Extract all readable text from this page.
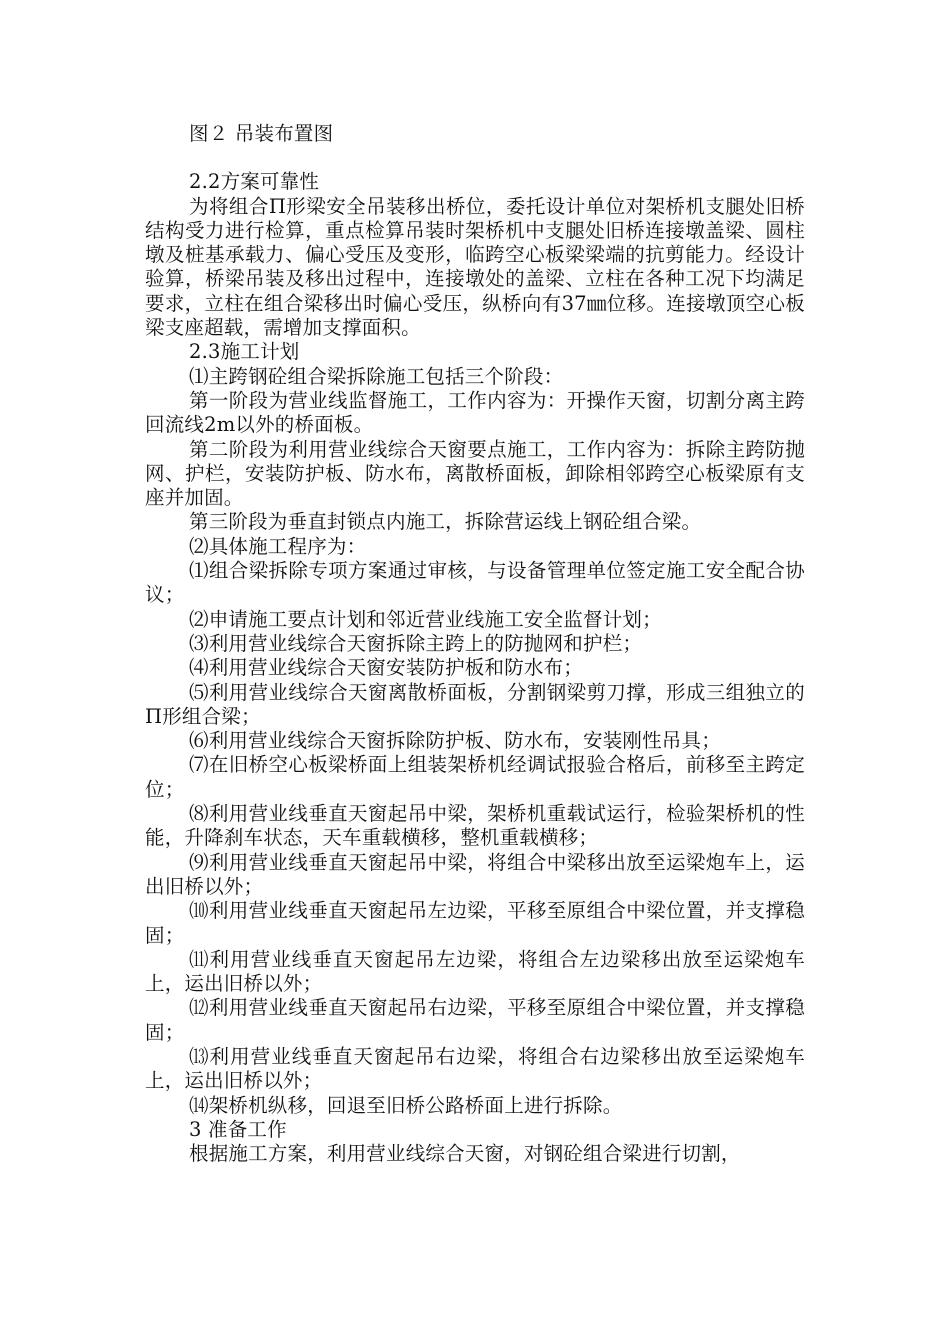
图２ 吊装布置图

2.2方案可靠性

为将组合Π形梁安全吊装移出桥位，委托设计单位对架桥机支腿处旧桥结构受力进行检算，重点检算吊装时架桥机中支腿处旧桥连接墩盖梁、圆柱墩及桩基承载力、偏心受压及变形，临跨空心板梁梁端的抗剪能力。经设计验算，桥梁吊装及移出过程中，连接墩处的盖梁、立柱在各种工况下均满足要求，立柱在组合梁移出时偏心受压，纵桥向有37㎜位移。连接墩顶空心板梁支座超载，需增加支撑面积。

2.3施工计划

⑴主跨钢砼组合梁拆除施工包括三个阶段：

第一阶段为营业线监督施工，工作内容为：开操作天窗，切割分离主跨回流线2m以外的桥面板。

第二阶段为利用营业线综合天窗要点施工，工作内容为：拆除主跨防抛网、护栏，安装防护板、防水布，离散桥面板，卸除相邻跨空心板梁原有支座并加固。

第三阶段为垂直封锁点内施工，拆除营运线上钢砼组合梁。

⑵具体施工程序为：

⑴组合梁拆除专项方案通过审核，与设备管理单位签定施工安全配合协议；

⑵申请施工要点计划和邻近营业线施工安全监督计划；

⑶利用营业线综合天窗拆除主跨上的防抛网和护栏；

⑷利用营业线综合天窗安装防护板和防水布；

⑸利用营业线综合天窗离散桥面板，分割钢梁剪刀撑，形成三组独立的Π形组合梁；

⑹利用营业线综合天窗拆除防护板、防水布，安装刚性吊具；

⑺在旧桥空心板梁桥面上组装架桥机经调试报验合格后，前移至主跨定位；

⑻利用营业线垂直天窗起吊中梁，架桥机重载试运行，检验架桥机的性能，升降刹车状态，天车重载横移，整机重载横移；

⑼利用营业线垂直天窗起吊中梁，将组合中梁移出放至运梁炮车上，运出旧桥以外；

⑽利用营业线垂直天窗起吊左边梁，平移至原组合中梁位置，并支撑稳固；

⑾利用营业线垂直天窗起吊左边梁，将组合左边梁移出放至运梁炮车上，运出旧桥以外；

⑿利用营业线垂直天窗起吊右边梁，平移至原组合中梁位置，并支撑稳固；

⒀利用营业线垂直天窗起吊右边梁，将组合右边梁移出放至运梁炮车上，运出旧桥以外；

⒁架桥机纵移，回退至旧桥公路桥面上进行拆除。

3 准备工作

根据施工方案，利用营业线综合天窗，对钢砼组合梁进行切割，
